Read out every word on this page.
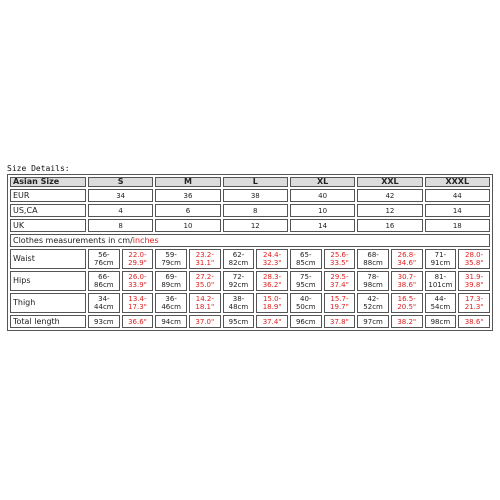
Size Details:
Asian Size	S		M		L		XL		XXL		XXXL	
EUR	34		36		38		40		42		44	
US,CA	4		6		8		10		12		14	
UK	8		10		12		14		16		18	
Clothes measurements in cm/inches												
Waist	56-76cm	22.0-29.9"	59-79cm	23.2-31.1"	62-82cm	24.4-32.3"	65-85cm	25.6-33.5"	68-88cm	26.8-34.6"	71-91cm	28.0-35.8"
Hips	66-86cm	26.0-33.9"	69-89cm	27.2-35.0"	72-92cm	28.3-36.2"	75-95cm	29.5-37.4"	78-98cm	30.7-38.6"	81-101cm	31.9-39.8"
Thigh	34-44cm	13.4-17.3"	36-46cm	14.2-18.1"	38-48cm	15.0-18.9"	40-50cm	15.7-19.7"	42-52cm	16.5-20.5"	44-54cm	17.3-21.3"
Total length	93cm	36.6"	94cm	37.0"	95cm	37.4"	96cm	37.8"	97cm	38.2"	98cm	38.6"
